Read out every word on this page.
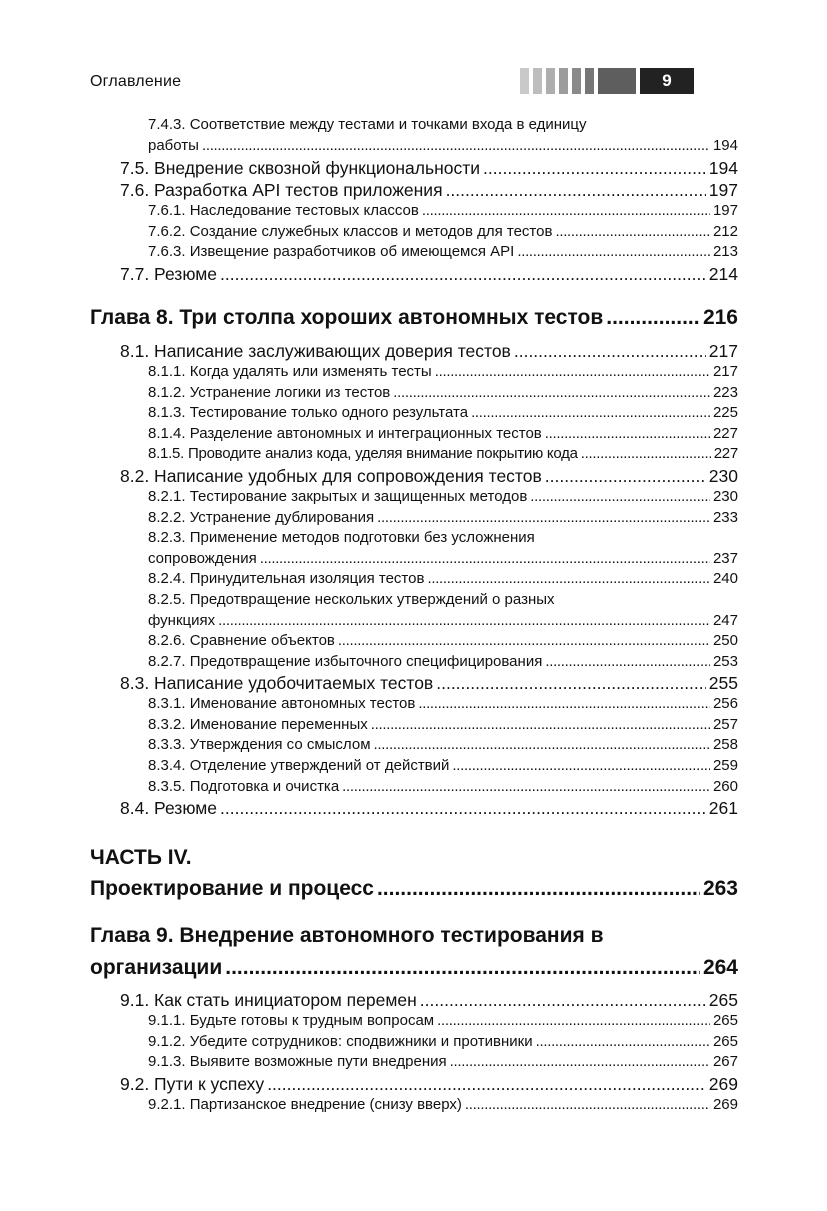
Оглавление	9
7.4.3. Соответствие между тестами и точками входа в единицу
работы .....	194
7.5. Внедрение сквозной функциональности .....	194
7.6. Разработка API тестов приложения .....	197
7.6.1. Наследование тестовых классов .....	197
7.6.2. Создание служебных классов и методов для тестов .....	212
7.6.3. Извещение разработчиков об имеющемся API .....	213
7.7. Резюме .....	214
Глава 8. Три столпа хороших автономных тестов .....	216
8.1. Написание заслуживающих доверия тестов .....	217
8.1.1. Когда удалять или изменять тесты .....	217
8.1.2. Устранение логики из тестов .....	223
8.1.3. Тестирование только одного результата .....	225
8.1.4. Разделение автономных и интеграционных тестов .....	227
8.1.5. Проводите анализ кода, уделяя внимание покрытию кода .....	227
8.2. Написание удобных для сопровождения тестов .....	230
8.2.1. Тестирование закрытых и защищенных методов .....	230
8.2.2. Устранение дублирования .....	233
8.2.3. Применение методов подготовки без усложнения
сопровождения .....	237
8.2.4. Принудительная изоляция тестов .....	240
8.2.5. Предотвращение нескольких утверждений о разных
функциях .....	247
8.2.6. Сравнение объектов .....	250
8.2.7. Предотвращение избыточного специфицирования .....	253
8.3. Написание удобочитаемых тестов .....	255
8.3.1. Именование автономных тестов .....	256
8.3.2. Именование переменных .....	257
8.3.3. Утверждения со смыслом .....	258
8.3.4. Отделение утверждений от действий .....	259
8.3.5. Подготовка и очистка .....	260
8.4. Резюме .....	261
ЧАСТЬ IV.
Проектирование и процесс .....	263
Глава 9. Внедрение автономного тестирования в
организации .....	264
9.1. Как стать инициатором перемен .....	265
9.1.1. Будьте готовы к трудным вопросам .....	265
9.1.2. Убедите сотрудников: сподвижники и противники .....	265
9.1.3. Выявите возможные пути внедрения .....	267
9.2. Пути к успеху .....	269
9.2.1. Партизанское внедрение (снизу вверх) .....	269
